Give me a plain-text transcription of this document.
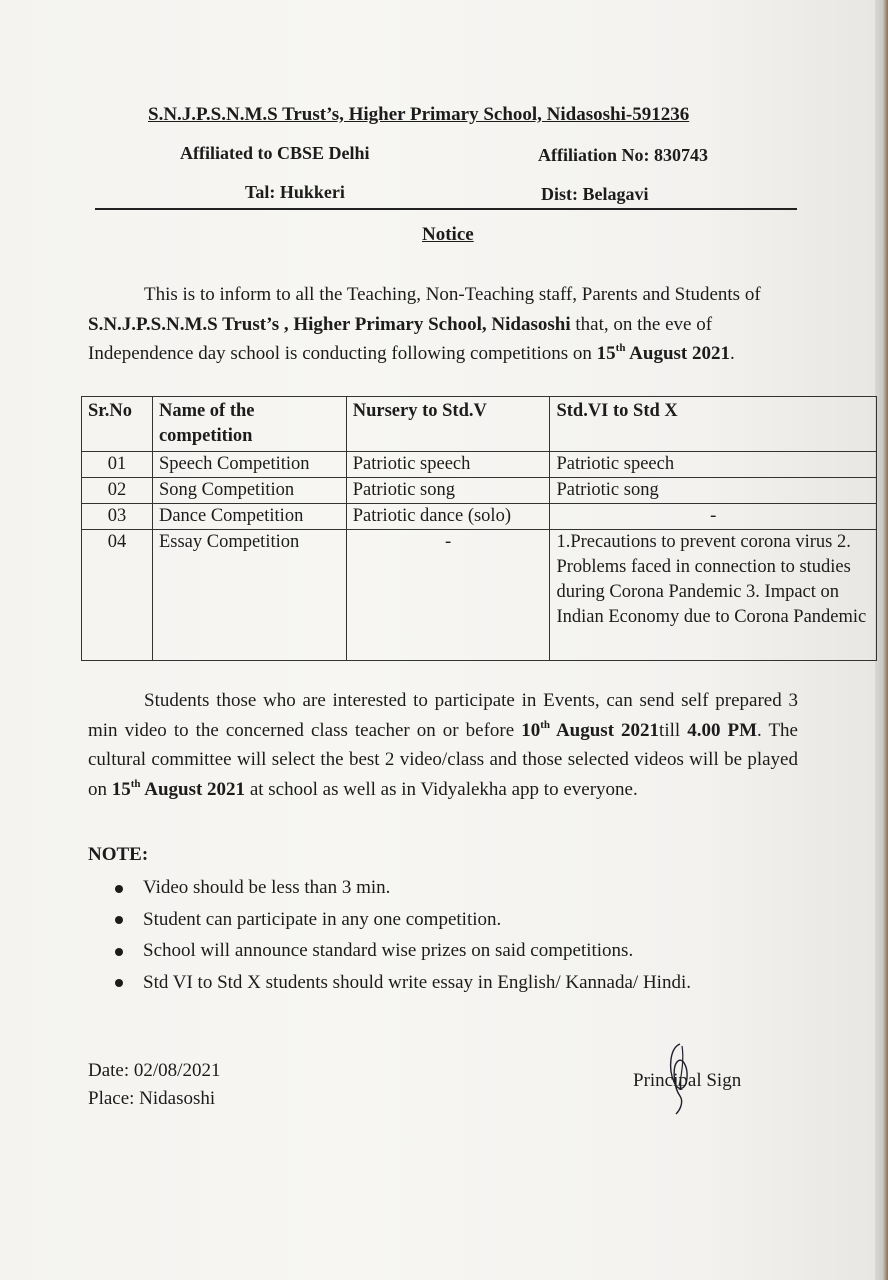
S.N.J.P.S.N.M.S Trust’s, Higher Primary School, Nidasoshi-591236
Affiliated to CBSE Delhi	Affiliation No: 830743
Tal: Hukkeri	Dist: Belagavi
Notice
This is to inform to all the Teaching, Non-Teaching staff, Parents and Students of S.N.J.P.S.N.M.S Trust’s , Higher Primary School, Nidasoshi that, on the eve of Independence day school is conducting following competitions on 15th August 2021.
Sr.No	Name of the competition	Nursery to Std.V	Std.VI to Std X
01	Speech Competition	Patriotic speech	Patriotic speech
02	Song Competition	Patriotic song	Patriotic song
03	Dance Competition	Patriotic dance (solo)	-
04	Essay Competition	-	1.Precautions to prevent corona virus 2. Problems faced in connection to studies during Corona Pandemic 3. Impact on Indian Economy due to Corona Pandemic
Students those who are interested to participate in Events, can send self prepared 3 min video to the concerned class teacher on or before 10th August 2021till 4.00 PM. The cultural committee will select the best 2 video/class and those selected videos will be played on 15th August 2021 at school as well as in Vidyalekha app to everyone.
NOTE:
Video should be less than 3 min.
Student can participate in any one competition.
School will announce standard wise prizes on said competitions.
Std VI to Std X students should write essay in English/ Kannada/ Hindi.
Date: 02/08/2021
Place: Nidasoshi
Principal Sign
